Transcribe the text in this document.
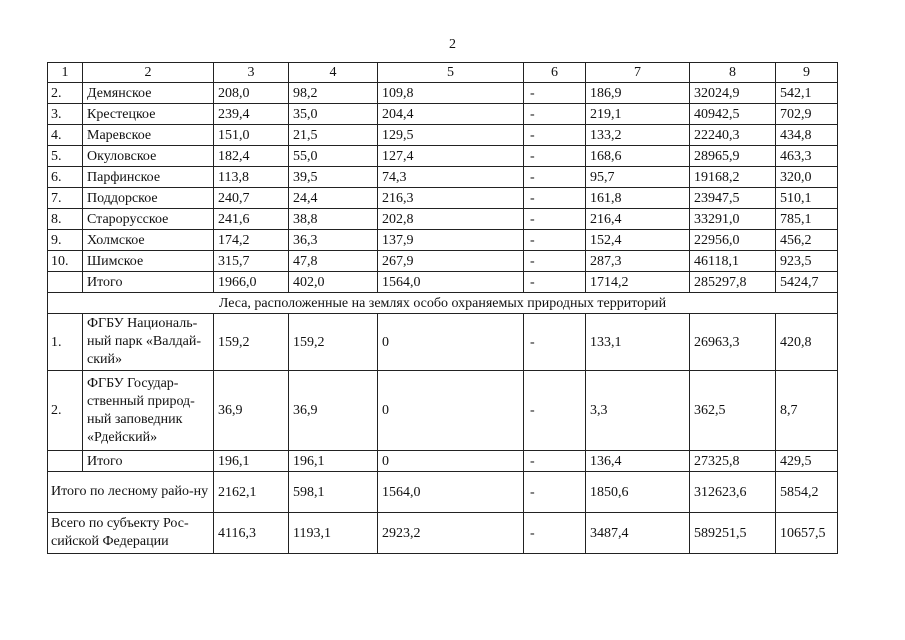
2
1	2	3	4	5	6	7	8	9
2.	Демянское	208,0	98,2	109,8	-	186,9	32024,9	542,1
3.	Крестецкое	239,4	35,0	204,4	-	219,1	40942,5	702,9
4.	Маревское	151,0	21,5	129,5	-	133,2	22240,3	434,8
5.	Окуловское	182,4	55,0	127,4	-	168,6	28965,9	463,3
6.	Парфинское	113,8	39,5	74,3	-	95,7	19168,2	320,0
7.	Поддорское	240,7	24,4	216,3	-	161,8	23947,5	510,1
8.	Старорусское	241,6	38,8	202,8	-	216,4	33291,0	785,1
9.	Холмское	174,2	36,3	137,9	-	152,4	22956,0	456,2
10.	Шимское	315,7	47,8	267,9	-	287,3	46118,1	923,5
	Итого	1966,0	402,0	1564,0	-	1714,2	285297,8	5424,7
Леса, расположенные на землях особо охраняемых природных территорий								
1.	ФГБУ Националь-ный парк «Валдай-ский»	159,2	159,2	0	-	133,1	26963,3	420,8
2.	ФГБУ Государ-ственный природ-ный заповедник «Рдейский»	36,9	36,9	0	-	3,3	362,5	8,7
	Итого	196,1	196,1	0	-	136,4	27325,8	429,5
Итого по лесному райо-ну		2162,1	598,1	1564,0	-	1850,6	312623,6	5854,2
Всего по субъекту Рос-сийской Федерации		4116,3	1193,1	2923,2	-	3487,4	589251,5	10657,5
